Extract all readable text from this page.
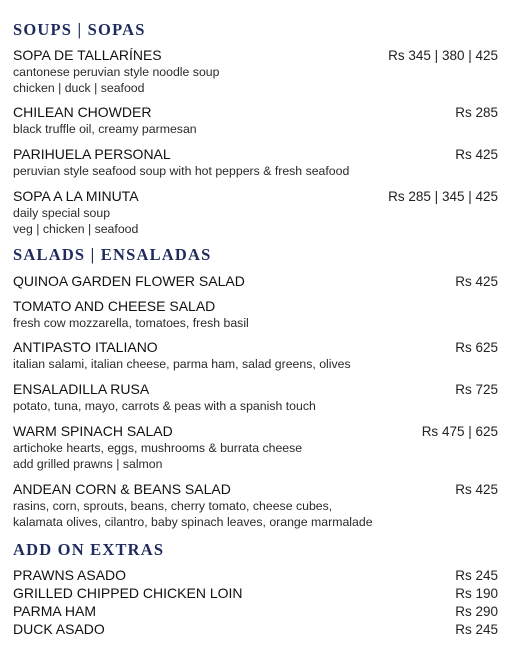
SOUPS | SOPAS
SOPA DE TALLARÍNES	Rs 345 | 380 | 425
cantonese peruvian style noodle soup
chicken | duck | seafood
CHILEAN CHOWDER	Rs 285
black truffle oil, creamy parmesan
PARIHUELA PERSONAL	Rs 425
peruvian style seafood soup with hot peppers & fresh seafood
SOPA A LA MINUTA	Rs 285 | 345 | 425
daily special soup
veg | chicken | seafood
SALADS | ENSALADAS
QUINOA GARDEN FLOWER SALAD	Rs 425
TOMATO AND CHEESE SALAD
fresh cow mozzarella, tomatoes, fresh basil
ANTIPASTO ITALIANO	Rs 625
italian salami, italian cheese, parma ham, salad greens, olives
ENSALADILLA RUSA	Rs 725
potato, tuna, mayo, carrots & peas with a spanish touch
WARM SPINACH SALAD	Rs 475 | 625
artichoke hearts, eggs, mushrooms & burrata cheese
add grilled prawns | salmon
ANDEAN CORN & BEANS SALAD	Rs 425
rasins, corn, sprouts, beans, cherry tomato, cheese cubes,
kalamata olives, cilantro, baby spinach leaves, orange marmalade
ADD ON EXTRAS
PRAWNS ASADO	Rs 245
GRILLED CHIPPED CHICKEN LOIN	Rs 190
PARMA HAM	Rs 290
DUCK ASADO	Rs 245
